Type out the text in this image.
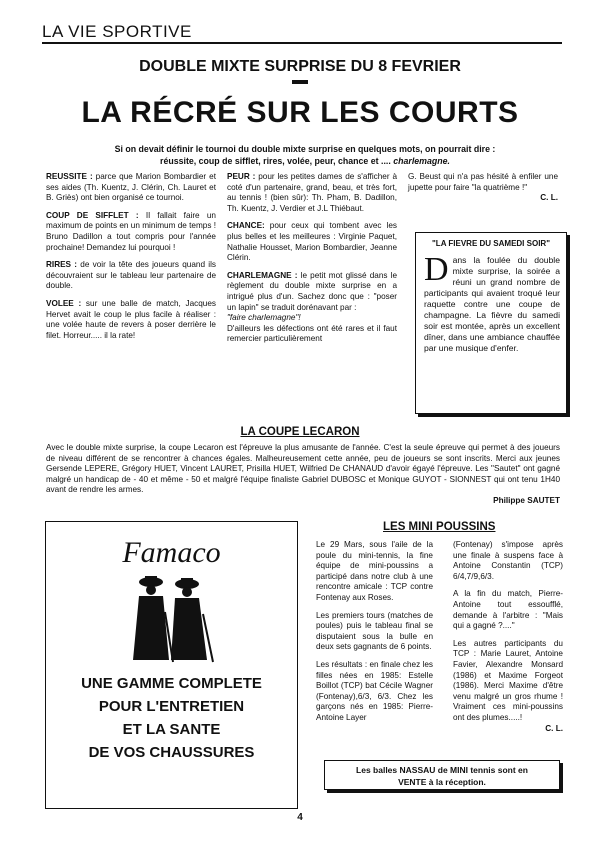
LA VIE SPORTIVE
DOUBLE MIXTE SURPRISE DU 8 FEVRIER
LA RÉCRÉ SUR LES COURTS

Si on devait définir le tournoi du double mixte surprise en quelques mots, on pourrait dire :

réussite, coup de sifflet, rires, volée, peur, chance et .... charlemagne.

REUSSITE : parce que Marion Bombardier et ses aides (Th. Kuentz, J. Clérin, Ch. Lauret et B. Griès) ont bien organisé ce tournoi.

COUP DE SIFFLET : Il fallait faire un maximum de points en un minimum de temps ! Bruno Dadillon a tout compris pour l'année prochaine! Demandez lui pourquoi !

RIRES : de voir la tête des joueurs quand ils découvraient sur le tableau leur partenaire de double.

VOLEE : sur une balle de match, Jacques Hervet avait le coup le plus facile à réaliser : une volée haute de revers à poser derrière le filet. Horreur..... il la rate!

PEUR : pour les petites dames de s'afficher à coté d'un partenaire, grand, beau, et très fort, au tennis ! (bien sûr): Th. Pham, B. Dadillon, Th. Kuentz, J. Verdier et J.L Thiébaut.

CHANCE: pour ceux qui tombent avec les plus belles et les meilleures : Virginie Paquet, Nathalie Housset, Marion Bombardier, Jeanne Clérin.

CHARLEMAGNE : le petit mot glissé dans le règlement du double mixte surprise en a intrigué plus d'un. Sachez donc que : "poser un lapin" se traduit dorénavant par :

"faire charlemagne"!

D'ailleurs les défections ont été rares et il faut remercier particulièrement

G. Beust qui n'a pas hésité à enfiler une jupette pour faire "la quatrième !"

C. L.

"LA FIEVRE DU SAMEDI SOIR"
Dans la foulée du double mixte surprise, la soirée a réuni un grand nombre de participants qui avaient troqué leur raquette contre une coupe de champagne. La fièvre du samedi soir est montée, après un excellent dîner, dans une ambiance chauffée par une musique d'enfer.
LA COUPE LECARON

Avec le double mixte surprise, la coupe Lecaron est l'épreuve la plus amusante de l'année. C'est la seule épreuve qui permet à des joueurs de niveau différent de se rencontrer à chances égales. Malheureusement cette année, peu de joueurs se sont inscrits. Merci aux jeunes Gersende LEPERE, Grégory HUET, Vincent LAURET, Prisilla HUET, Wilfried De CHANAUD d'avoir égayé l'épreuve. Les "Sautet" ont gagné malgré un handicap de - 40 et même - 50 et malgré l'équipe finaliste Gabriel DUBOSC et Monique GUYOT - SIONNEST qui ont tenu 1H40 avant de rendre les armes.

Philippe SAUTET

Famaco

UNE GAMME COMPLETE

POUR L'ENTRETIEN

ET LA SANTE

DE VOS CHAUSSURES

LES MINI POUSSINS

Le 29 Mars, sous l'aile de la poule du mini-tennis, la fine équipe de mini-poussins a participé dans notre club à une rencontre amicale : TCP contre Fontenay aux Roses.

Les premiers tours (matches de poules) puis le tableau final se disputaient sous la bulle en deux sets gagnants de 6 points.

Les résultats : en finale chez les filles nées en 1985: Estelle Boillot (TCP) bat Cécile Wagner (Fontenay),6/3, 6/3. Chez les garçons nés en 1985: Pierre-Antoine Layer

(Fontenay) s'impose après une finale à suspens face à Antoine Constantin (TCP) 6/4,7/9,6/3.

A la fin du match, Pierre-Antoine tout essoufflé, demande à l'arbitre : "Mais qui a gagné ?...."

Les autres participants du TCP : Marie Lauret, Antoine Favier, Alexandre Monsard (1986) et Maxime Forgeot (1986). Merci Maxime d'être venu malgré un gros rhume ! Vraiment ces mini-poussins ont des plumes.....!

C. L.

Les balles NASSAU de MINI tennis sont en

VENTE à la réception.

4
